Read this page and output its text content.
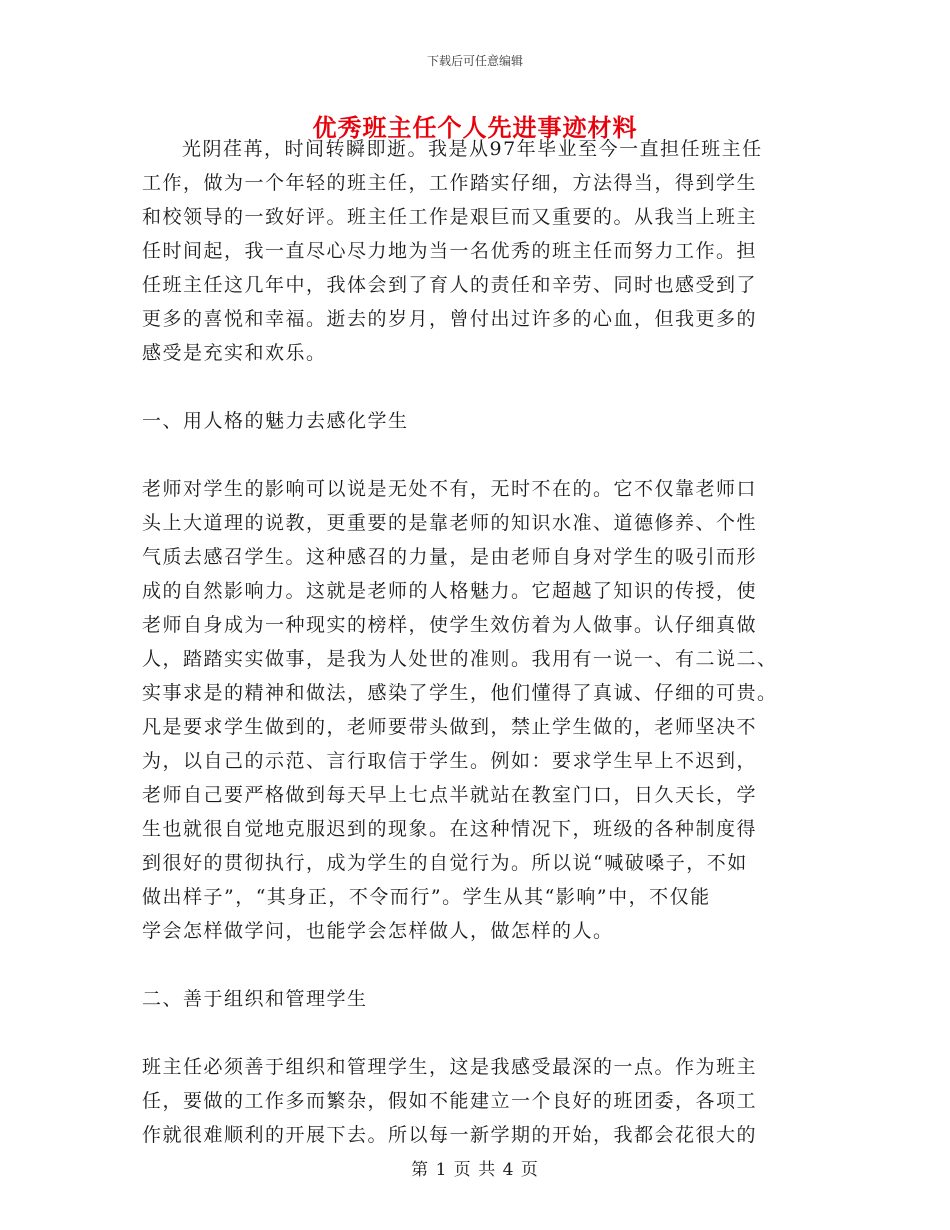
下载后可任意编辑
优秀班主任个人先进事迹材料

光阴荏苒，时间转瞬即逝。我是从97年毕业至今一直担任班主任
工作，做为一个年轻的班主任，工作踏实仔细，方法得当，得到学生
和校领导的一致好评。班主任工作是艰巨而又重要的。从我当上班主
任时间起，我一直尽心尽力地为当一名优秀的班主任而努力工作。担
任班主任这几年中，我体会到了育人的责任和辛劳、同时也感受到了
更多的喜悦和幸福。逝去的岁月，曾付出过许多的心血，但我更多的
感受是充实和欢乐。

一、用人格的魅力去感化学生

老师对学生的影响可以说是无处不有，无时不在的。它不仅靠老师口
头上大道理的说教，更重要的是靠老师的知识水准、道德修养、个性
气质去感召学生。这种感召的力量，是由老师自身对学生的吸引而形
成的自然影响力。这就是老师的人格魅力。它超越了知识的传授，使
老师自身成为一种现实的榜样，使学生效仿着为人做事。认仔细真做
人，踏踏实实做事，是我为人处世的准则。我用有一说一、有二说二、
实事求是的精神和做法，感染了学生，他们懂得了真诚、仔细的可贵。
凡是要求学生做到的，老师要带头做到，禁止学生做的，老师坚决不
为，以自己的示范、言行取信于学生。例如：要求学生早上不迟到，
老师自己要严格做到每天早上七点半就站在教室门口，日久天长，学
生也就很自觉地克服迟到的现象。在这种情况下，班级的各种制度得
到很好的贯彻执行，成为学生的自觉行为。所以说“喊破嗓子，不如
做出样子”，“其身正，不令而行”。学生从其“影响”中，不仅能
学会怎样做学问，也能学会怎样做人，做怎样的人。

二、善于组织和管理学生

班主任必须善于组织和管理学生，这是我感受最深的一点。作为班主
任，要做的工作多而繁杂，假如不能建立一个良好的班团委，各项工
作就很难顺利的开展下去。所以每一新学期的开始，我都会花很大的

第 1 页 共 4 页
